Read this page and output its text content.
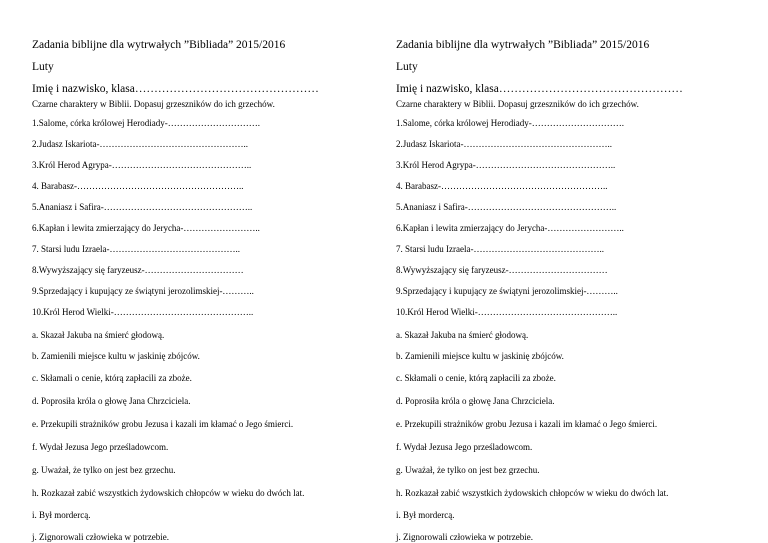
Zadania biblijne dla wytrwałych ”Bibliada” 2015/2016
Luty
Imię i nazwisko, klasa…………………………………………
Czarne charaktery w Biblii. Dopasuj grzeszników do ich grzechów.
1.Salome, córka królowej Herodiady-………………………….
2.Judasz Iskariota-…………………………………………..
3.Król Herod Agrypa-………………………………………..
4. Barabasz-………………………………………………..
5.Ananiasz i Safira-…………………………………………..
6.Kapłan i lewita zmierzający do Jerycha-……………………..
7. Starsi ludu Izraela-……………………………………..
8.Wywyższający się faryzeusz-……………………………
9.Sprzedający i kupujący ze świątyni jerozolimskiej-………..
10.Król Herod Wielki-………………………………………..
a. Skazał Jakuba na śmierć głodową.
b. Zamienili miejsce kultu w jaskinię zbójców.
c. Skłamali o cenie, którą zapłacili za zboże.
d. Poprosiła króla o głowę Jana Chrzciciela.
e. Przekupili strażników grobu Jezusa i kazali im kłamać o Jego śmierci.
f. Wydał Jezusa Jego prześladowcom.
g. Uważał, że tylko on jest bez grzechu.
h. Rozkazał zabić wszystkich żydowskich chłopców w wieku do dwóch lat.
i. Był mordercą.
j. Zignorowali człowieka w potrzebie.
Zadania biblijne dla wytrwałych ”Bibliada” 2015/2016
Luty
Imię i nazwisko, klasa…………………………………………
Czarne charaktery w Biblii. Dopasuj grzeszników do ich grzechów.
1.Salome, córka królowej Herodiady-………………………….
2.Judasz Iskariota-…………………………………………..
3.Król Herod Agrypa-………………………………………..
4. Barabasz-………………………………………………..
5.Ananiasz i Safira-…………………………………………..
6.Kapłan i lewita zmierzający do Jerycha-……………………..
7. Starsi ludu Izraela-……………………………………..
8.Wywyższający się faryzeusz-……………………………
9.Sprzedający i kupujący ze świątyni jerozolimskiej-………..
10.Król Herod Wielki-………………………………………..
a. Skazał Jakuba na śmierć głodową.
b. Zamienili miejsce kultu w jaskinię zbójców.
c. Skłamali o cenie, którą zapłacili za zboże.
d. Poprosiła króla o głowę Jana Chrzciciela.
e. Przekupili strażników grobu Jezusa i kazali im kłamać o Jego śmierci.
f. Wydał Jezusa Jego prześladowcom.
g. Uważał, że tylko on jest bez grzechu.
h. Rozkazał zabić wszystkich żydowskich chłopców w wieku do dwóch lat.
i. Był mordercą.
j. Zignorowali człowieka w potrzebie.
